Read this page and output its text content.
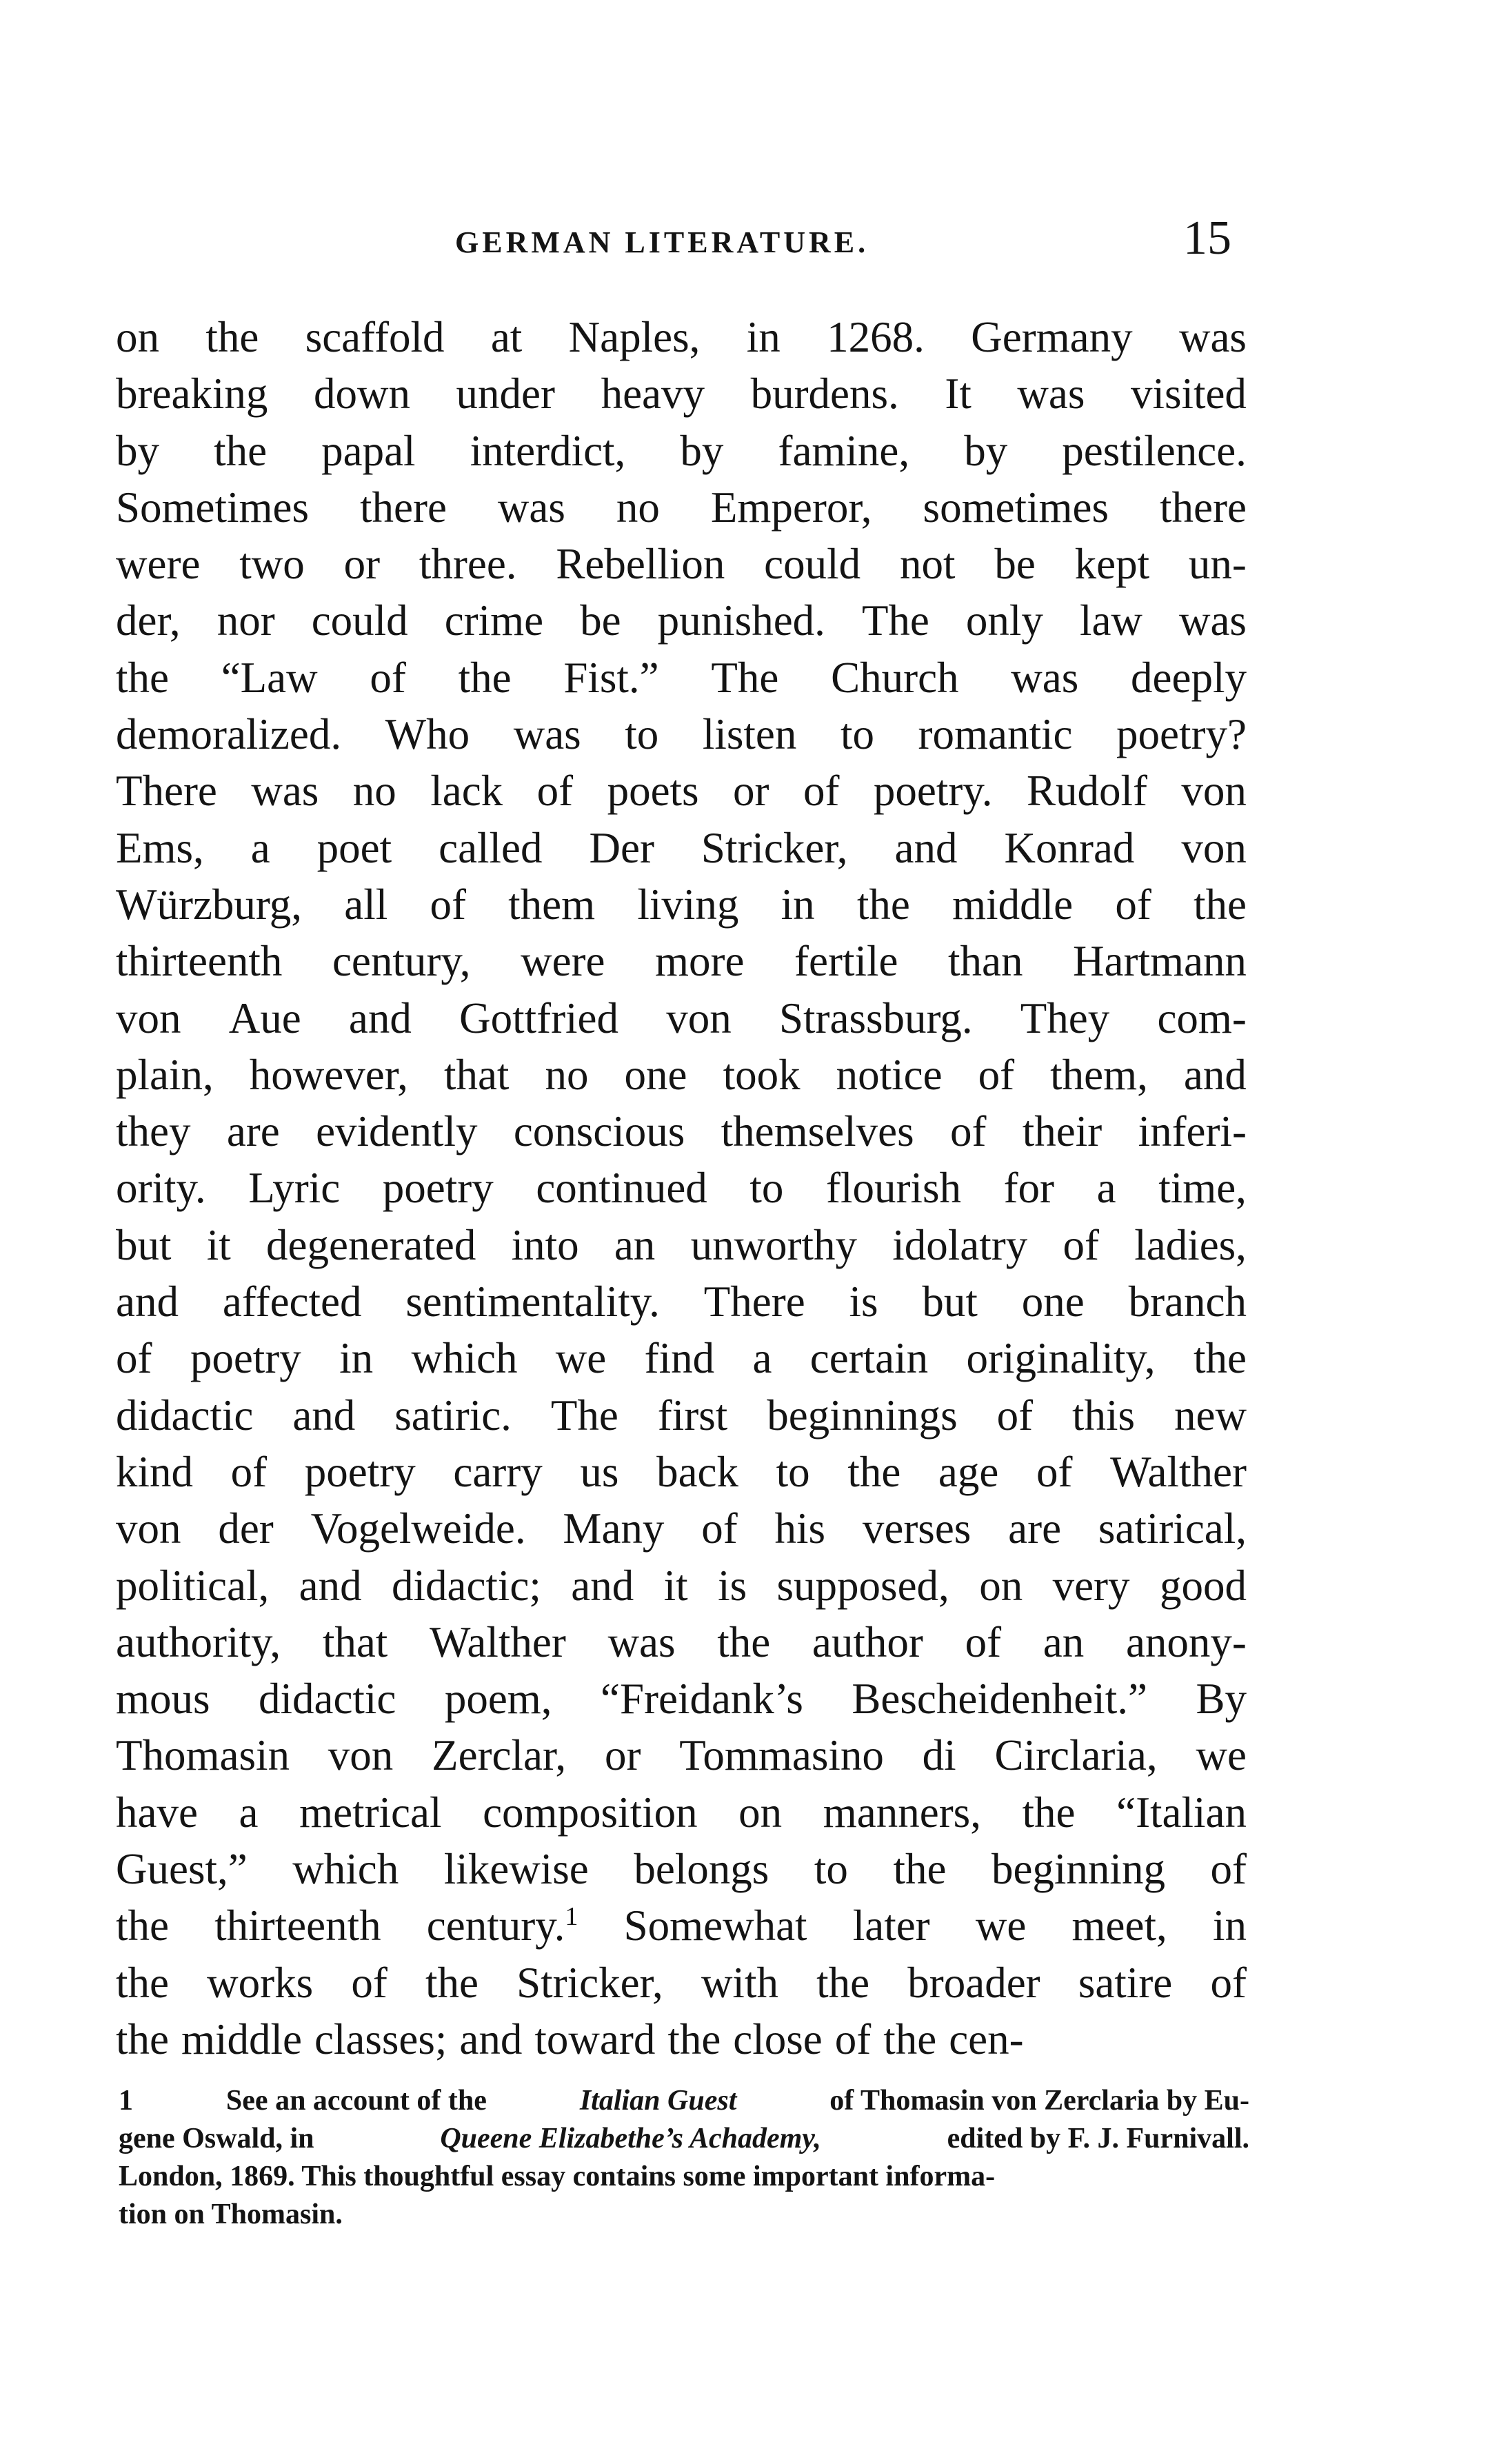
GERMAN LITERATURE.	15
on the scaffold at Naples, in 1268. Germany was
breaking down under heavy burdens. It was visited
by the papal interdict, by famine, by pestilence.
Sometimes there was no Emperor, sometimes there
were two or three. Rebellion could not be kept un-
der, nor could crime be punished. The only law was
the “Law of the Fist.” The Church was deeply
demoralized. Who was to listen to romantic poetry?
There was no lack of poets or of poetry. Rudolf von
Ems, a poet called Der Stricker, and Konrad von
Würzburg, all of them living in the middle of the
thirteenth century, were more fertile than Hartmann
von Aue and Gottfried von Strassburg. They com-
plain, however, that no one took notice of them, and
they are evidently conscious themselves of their inferi-
ority. Lyric poetry continued to flourish for a time,
but it degenerated into an unworthy idolatry of ladies,
and affected sentimentality. There is but one branch
of poetry in which we find a certain originality, the
didactic and satiric. The first beginnings of this new
kind of poetry carry us back to the age of Walther
von der Vogelweide. Many of his verses are satirical,
political, and didactic; and it is supposed, on very good
authority, that Walther was the author of an anony-
mous didactic poem, “Freidank’s Bescheidenheit.” By
Thomasin von Zerclar, or Tommasino di Circlaria, we
have a metrical composition on manners, the “Italian
Guest,” which likewise belongs to the beginning of
the thirteenth century.$^1$ Somewhat later we meet, in
the works of the Stricker, with the broader satire of
the middle classes; and toward the close of the cen-
1	See an account of the	Italian Guest	of Thomasin von Zerclaria by Eu-
gene Oswald, in	Queene Elizabethe’s Achademy,	edited by F. J. Furnivall.
London, 1869. This thoughtful essay contains some important informa-
tion on Thomasin.
